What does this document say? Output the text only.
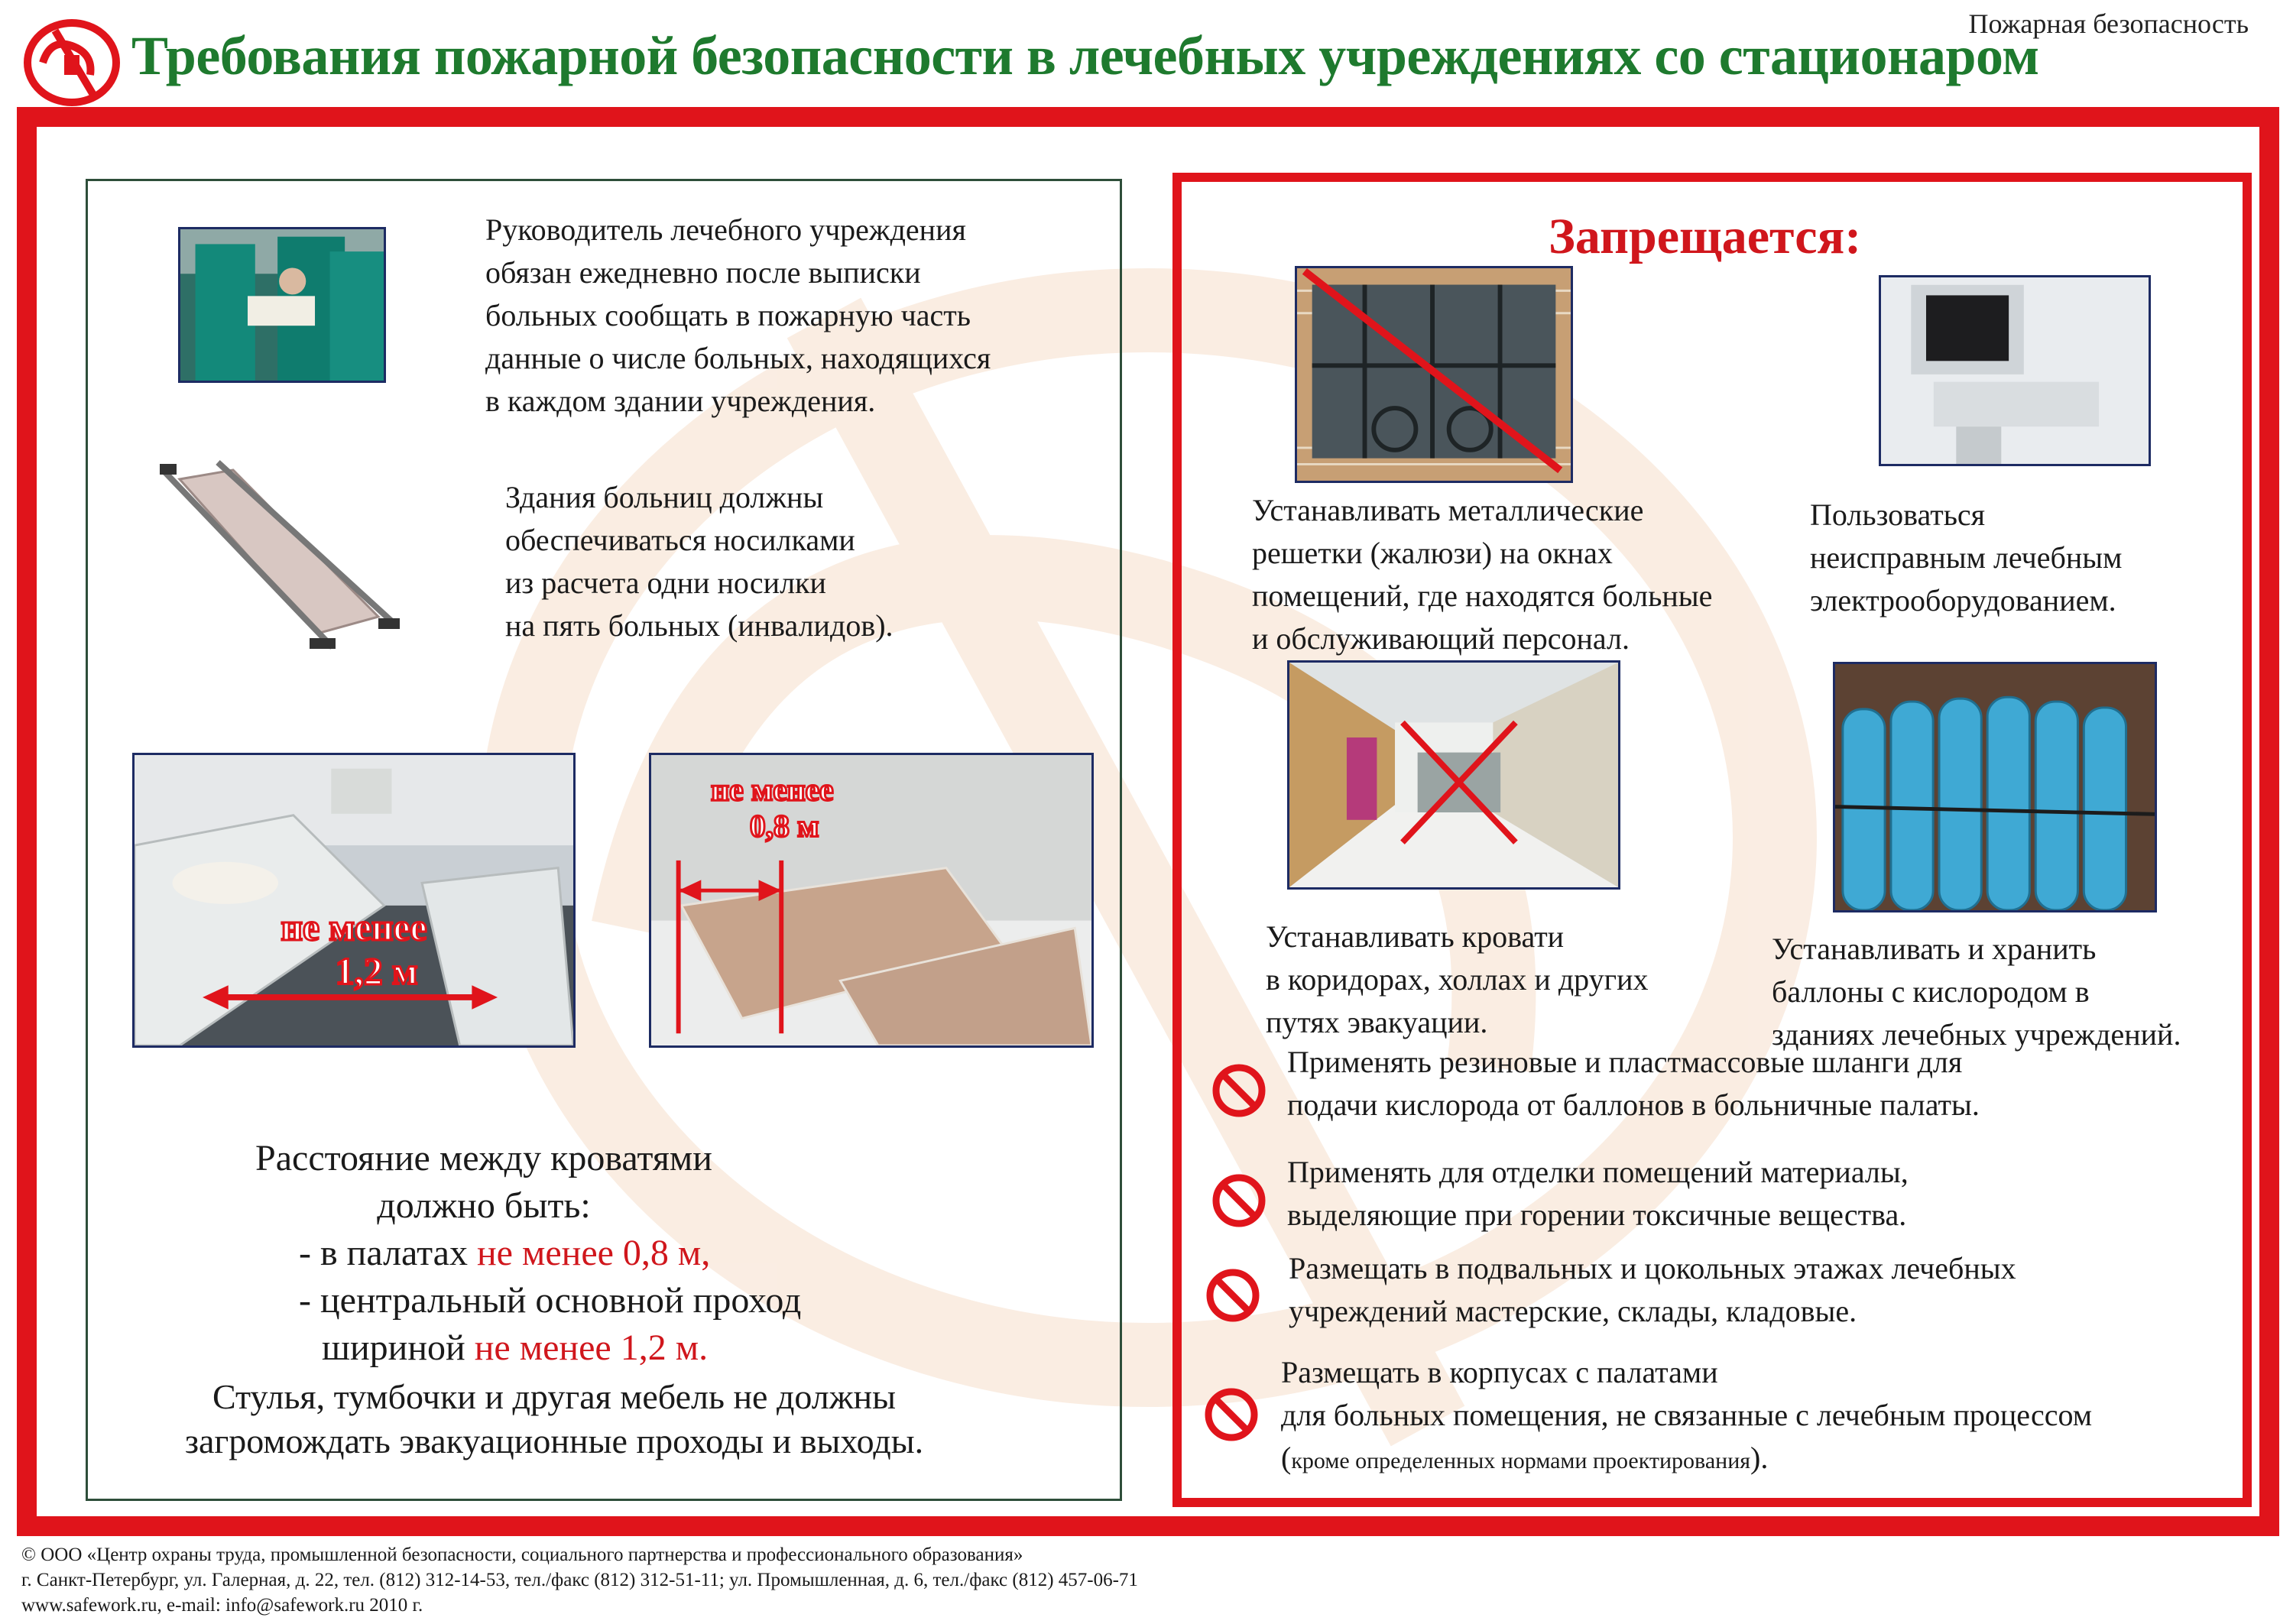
Пожарная безопасность
Требования пожарной безопасности в лечебных учреждениях со стационаром
Руководитель лечебного учреждения
обязан ежедневно после выписки
больных сообщать в пожарную часть
данные о числе больных, находящихся
в каждом здании учреждения.
Здания больниц должны
обеспечиваться носилками
из расчета одни носилки
на пять больных (инвалидов).
не менее
1,2 м
не менее
0,8 м
Расстояние между кроватями
должно быть:
- в палатах не менее 0,8 м,
- центральный основной проход
шириной не менее 1,2 м.
Стулья, тумбочки и другая мебель не должны
загромождать эвакуационные проходы и выходы.
Запрещается:
Устанавливать металлические
решетки (жалюзи) на окнах
помещений, где находятся больные
и обслуживающий персонал.
Пользоваться
неисправным лечебным
электрооборудованием.
Устанавливать кровати
в коридорах, холлах и других
путях эвакуации.
Устанавливать и хранить
баллоны с кислородом в
зданиях лечебных учреждений.
Применять резиновые и пластмассовые шланги для
подачи кислорода от баллонов в больничные палаты.
Применять для отделки помещений материалы,
выделяющие при горении токсичные вещества.
Размещать в подвальных и цокольных этажах лечебных
учреждений мастерские, склады, кладовые.
Размещать в корпусах с палатами
для больных помещения, не связанные с лечебным процессом
(кроме определенных нормами проектирования).
© ООО «Центр охраны труда, промышленной безопасности, социального партнерства и профессионального образования»
г. Санкт-Петербург, ул. Галерная, д. 22, тел. (812) 312-14-53, тел./факс (812) 312-51-11; ул. Промышленная, д. 6, тел./факс (812) 457-06-71
www.safework.ru, e-mail: info@safework.ru 2010 г.
